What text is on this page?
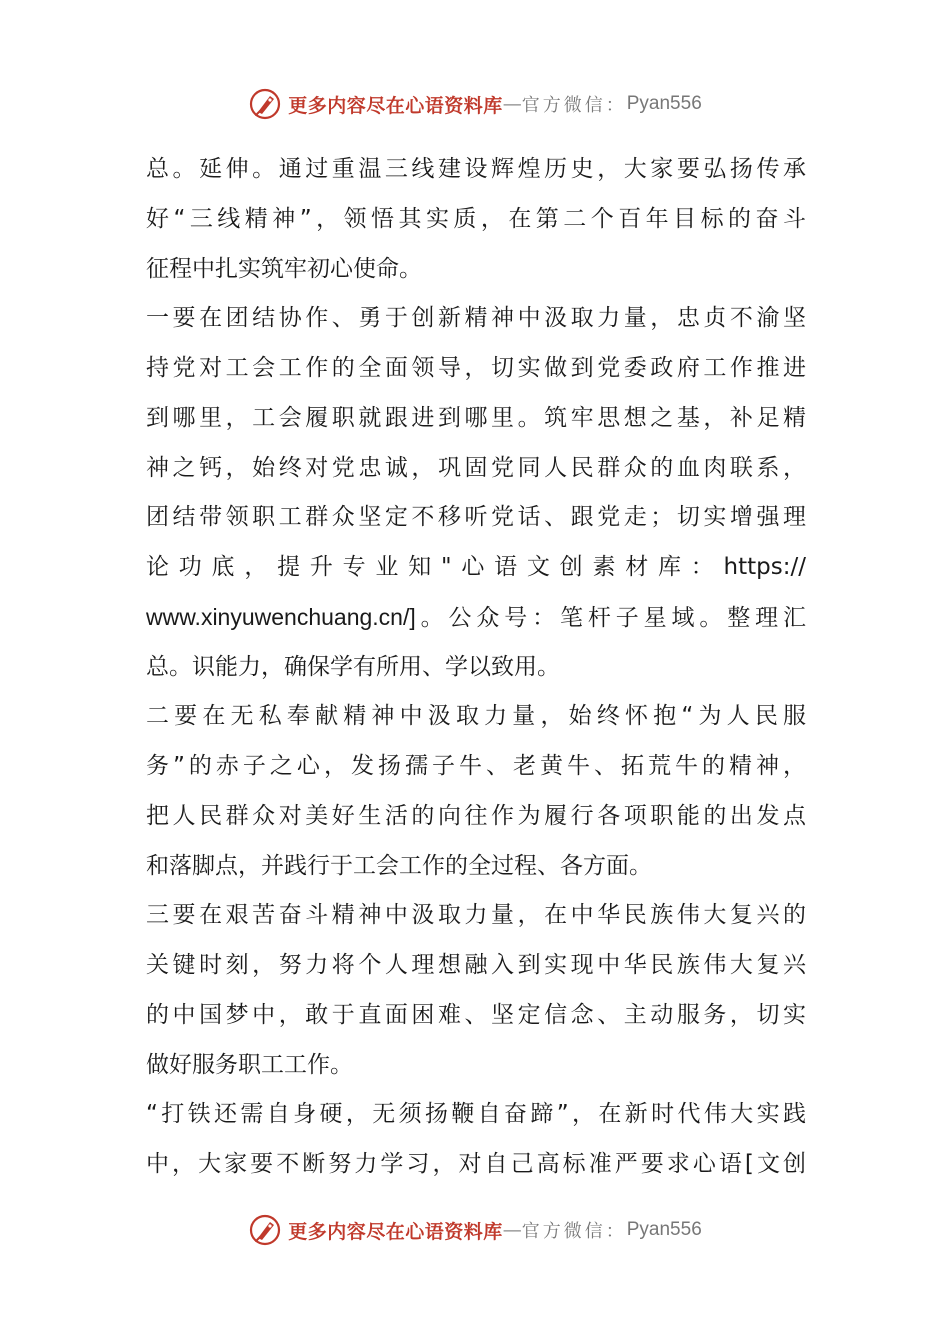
更多内容尽在心语资料库 — 官方微信： Pyan556
总。延伸。通过重温三线建设辉煌历史，大家要弘扬传承
好“三线精神”，领悟其实质，在第二个百年目标的奋斗
征程中扎实筑牢初心使命。
一要在团结协作、勇于创新精神中汲取力量，忠贞不渝坚
持党对工会工作的全面领导，切实做到党委政府工作推进
到哪里，工会履职就跟进到哪里。筑牢思想之基，补足精
神之钙，始终对党忠诚，巩固党同人民群众的血肉联系，
团结带领职工群众坚定不移听党话、跟党走；切实增强理
论功底，提升专业知"心语文创素材库：https://
www.xinyuwenchuang.cn/]。公众号：笔杆子星域。整理汇
总。识能力，确保学有所用、学以致用。
二要在无私奉献精神中汲取力量，始终怀抱“为人民服
务”的赤子之心，发扬孺子牛、老黄牛、拓荒牛的精神，
把人民群众对美好生活的向往作为履行各项职能的出发点
和落脚点，并践行于工会工作的全过程、各方面。
三要在艰苦奋斗精神中汲取力量，在中华民族伟大复兴的
关键时刻，努力将个人理想融入到实现中华民族伟大复兴
的中国梦中，敢于直面困难、坚定信念、主动服务，切实
做好服务职工工作。
“打铁还需自身硬，无须扬鞭自奋蹄”，在新时代伟大实践
中，大家要不断努力学习，对自己高标准严要求心语[文创
更多内容尽在心语资料库 — 官方微信： Pyan556
